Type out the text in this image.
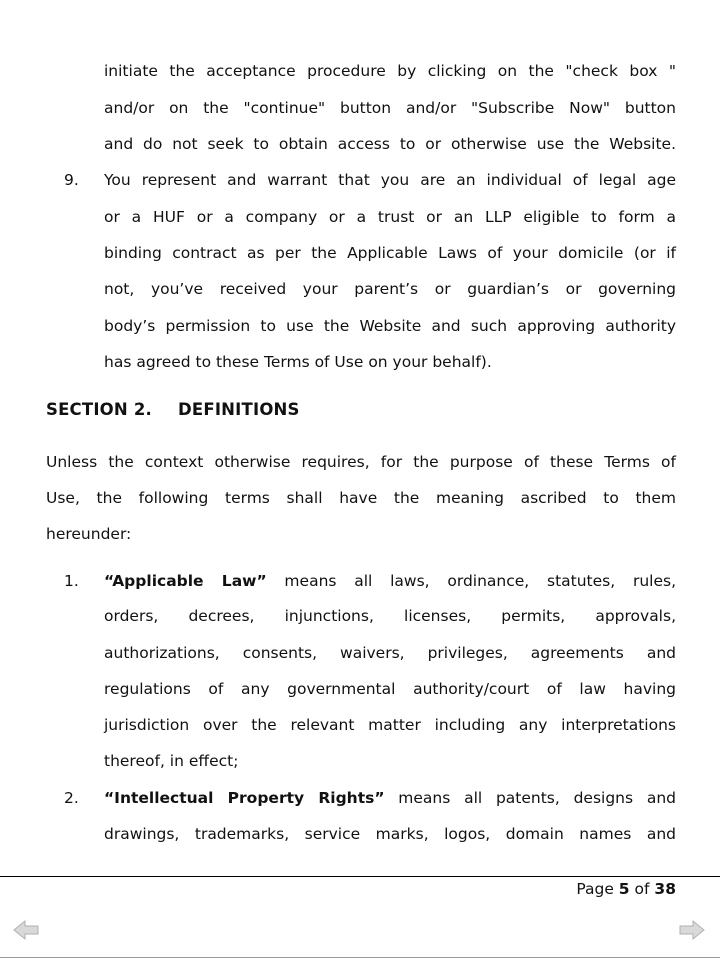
initiate the acceptance procedure by clicking on the "check box "

and/or on the "continue" button and/or "Subscribe Now" button

and do not seek to obtain access to or otherwise use the Website.

9. You represent and warrant that you are an individual of legal age

or a HUF or a company or a trust or an LLP eligible to form a

binding contract as per the Applicable Laws of your domicile (or if

not, you’ve received your parent’s or guardian’s or governing

body’s permission to use the Website and such approving authority

has agreed to these Terms of Use on your behalf).

SECTION 2. DEFINITIONS

Unless the context otherwise requires, for the purpose of these Terms of

Use, the following terms shall have the meaning ascribed to them

hereunder:

1. “Applicable Law” means all laws, ordinance, statutes, rules,

orders, decrees, injunctions, licenses, permits, approvals,

authorizations, consents, waivers, privileges, agreements and

regulations of any governmental authority/court of law having

jurisdiction over the relevant matter including any interpretations

thereof, in effect;

2. “Intellectual Property Rights” means all patents, designs and

drawings, trademarks, service marks, logos, domain names and

Page 5 of 38
